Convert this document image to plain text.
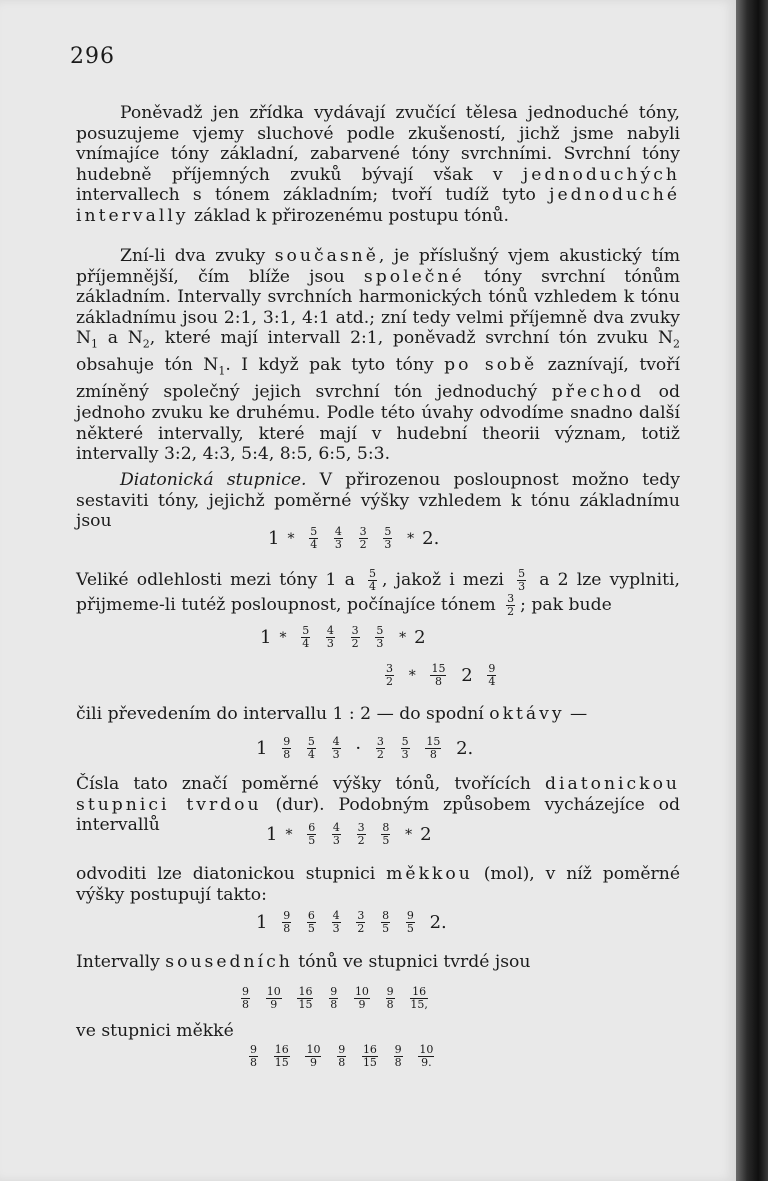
296

Poněvadž jen zřídka vydávají zvučící tělesa jednoduché tóny, posuzujeme vjemy sluchové podle zkušeností, jichž jsme nabyli vnímajíce tóny základní, zabarvené tóny svrchními. Svrchní tóny hudebně příjemných zvuků bývají však v jednoduchých intervallech s tónem základním; tvoří tudíž tyto jednoduché intervally základ k přirozenému postupu tónů.

Zní-li dva zvuky současně, je příslušný vjem akustický tím příjemnější, čím blíže jsou společné tóny svrchní tónům základním. Intervally svrchních harmonických tónů vzhledem k tónu základnímu jsou 2:1, 3:1, 4:1 atd.; zní tedy velmi příjemně dva zvuky $N_1$ a $N_2$, které mají intervall 2:1, poněvadž svrchní tón zvuku $N_2$ obsahuje tón $N_1$. I když pak tyto tóny po sobě zaznívají, tvoří zmíněný společný jejich svrchní tón jednoduchý přechod od jednoho zvuku ke druhému. Podle této úvahy odvodíme snadno další některé intervally, které mají v hudební theorii význam, totiž intervally 3:2, 4:3, 5:4, 8:5, 6:5, 5:3.

Diatonická stupnice. V přirozenou posloupnost možno tedy sestaviti tóny, jejichž poměrné výšky vzhledem k tónu základnímu jsou

$1 * \frac{5}{4}$
$\frac{4}{3}$
$\frac{3}{2}$
$\frac{5}{3} * 2$.

Veliké odlehlosti mezi tóny 1 a $\frac{5}{4}$ , jakož i mezi $\frac{5}{3}$ a 2 lze vyplniti, přijmeme-li tutéž posloupnost, počínajíce tónem $\frac{3}{2}$ ; pak bude

$1 * \frac{5}{4}$
$\frac{4}{3}$
$\frac{3}{2}$
$\frac{5}{3} * 2$
$\frac{3}{2} * \frac{15}{8} 2 \frac{9}{4}$

čili převedením do intervallu 1 : 2 — do spodní oktávy —

$1 \frac{9}{8}$
$\frac{5}{4}$
$\frac{4}{3} \cdot \frac{3}{2}$
$\frac{5}{3}$
$\frac{15}{8} 2$.

Čísla tato značí poměrné výšky tónů, tvořících diatonickou stupnici tvrdou (dur). Podobným způsobem vycházejíce od intervallů	$1 * \frac{6}{5}$
$\frac{4}{3}$
$\frac{3}{2}$
$\frac{8}{5} * 2$

odvoditi lze diatonickou stupnici měkkou (mol), v níž poměrné výšky postupují takto:

$1 \frac{9}{8}$
$\frac{6}{5}$
$\frac{4}{3}$
$\frac{3}{2}$
$\frac{8}{5}$
$\frac{9}{5} 2$.

Intervally sousedních tónů ve stupnici tvrdé jsou

$\frac{9}{8}$
$\frac{10}{9}$
$\frac{16}{15}$
$\frac{9}{8}$
$\frac{10}{9}$
$\frac{9}{8}$
$\frac{16}{15,}$

ve stupnici měkké

$\frac{9}{8}$
$\frac{16}{15}$
$\frac{10}{9}$
$\frac{9}{8}$
$\frac{16}{15}$
$\frac{9}{8}$
$\frac{10}{9.}$
